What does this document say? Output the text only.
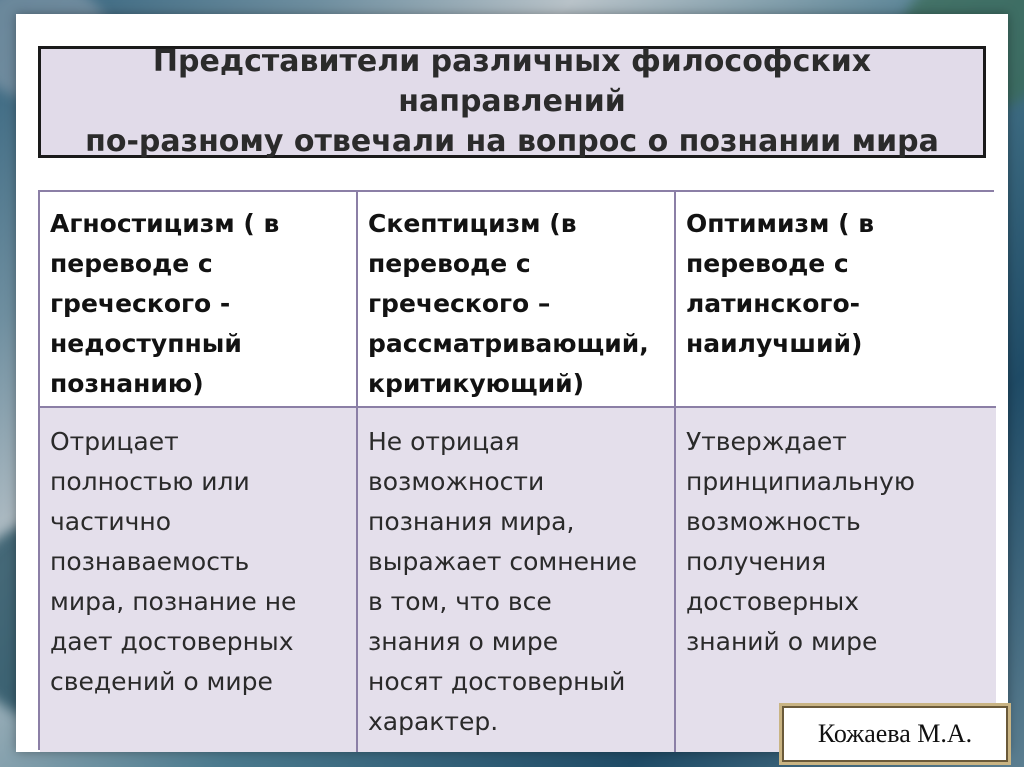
Представители различных философских направлений
по-разному отвечали на вопрос о познании мира
Агностицизм ( в
переводе с
греческого -
недоступный
познанию)
Скептицизм (в
переводе с
греческого –
рассматривающий,
критикующий)
Оптимизм ( в
переводе с
латинского-
наилучший)
Отрицает
полностью или
частично
познаваемость
мира, познание не
дает достоверных
сведений о мире
Не отрицая
возможности
познания мира,
выражает сомнение
в том, что все
знания о мире
носят достоверный
характер.
Утверждает
принципиальную
возможность
получения
достоверных
знаний о мире
Кожаева М.А.
